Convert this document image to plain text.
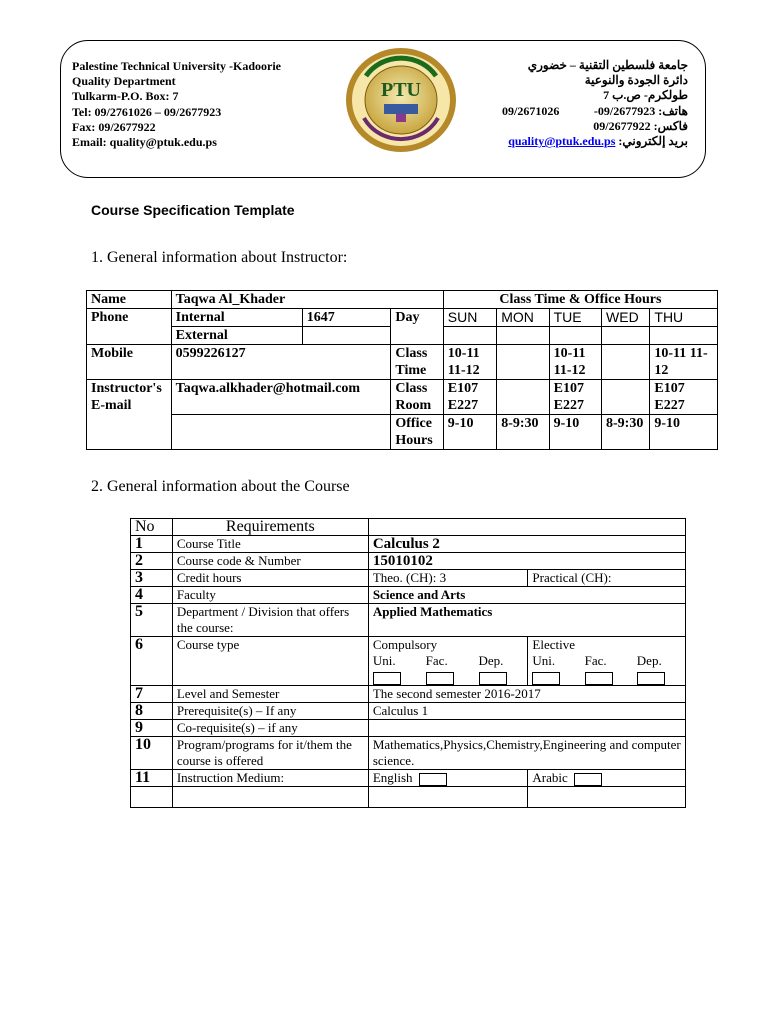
Palestine Technical University -Kadoorie
Quality Department
Tulkarm-P.O. Box: 7
Tel: 09/2761026 – 09/2677923
Fax: 09/2677922
Email: quality@ptuk.edu.ps
PTU
09/2671026
جامعة فلسطين التقنية – خضوري
دائرة الجودة والنوعية
طولكرم- ص.ب 7
هاتف: 09/2677923-
فاكس: 09/2677922
بريد إلكتروني: quality@ptuk.edu.ps
Course Specification Template
1. General information about Instructor:
Name	Taqwa Al_Khader			Class Time & Office Hours				
Phone	Internal	1647	Day	SUN	MON	TUE	WED	THU
	External							
Mobile	0599226127		Class Time	10-11 11-12		10-11 11-12		10-11 11-12
Instructor's E-mail	Taqwa.alkhader@hotmail.com		Class Room	E107 E227		E107 E227		E107 E227
			Office Hours	9-10	8-9:30	9-10	8-9:30	9-10
2. General information about the Course
No	Requirements	
1	Course Title	Calculus 2
2	Course code & Number	15010102
3	Credit hours	Theo. (CH): 3	Practical (CH):
4	Faculty	Science and Arts
5	Department / Division that offers the course:	Applied Mathematics
6	Course type	Compulsory
Uni.	Fac.	Dep.

Elective
Uni.	Fac.	Dep.

7	Level and Semester	The second semester 2016-2017
8	Prerequisite(s) – If any	Calculus 1
9	Co-requisite(s) – if any	
10	Program/programs for it/them the course is offered	Mathematics,Physics,Chemistry,Engineering and computer science.
11	Instruction Medium:	English	Arabic
